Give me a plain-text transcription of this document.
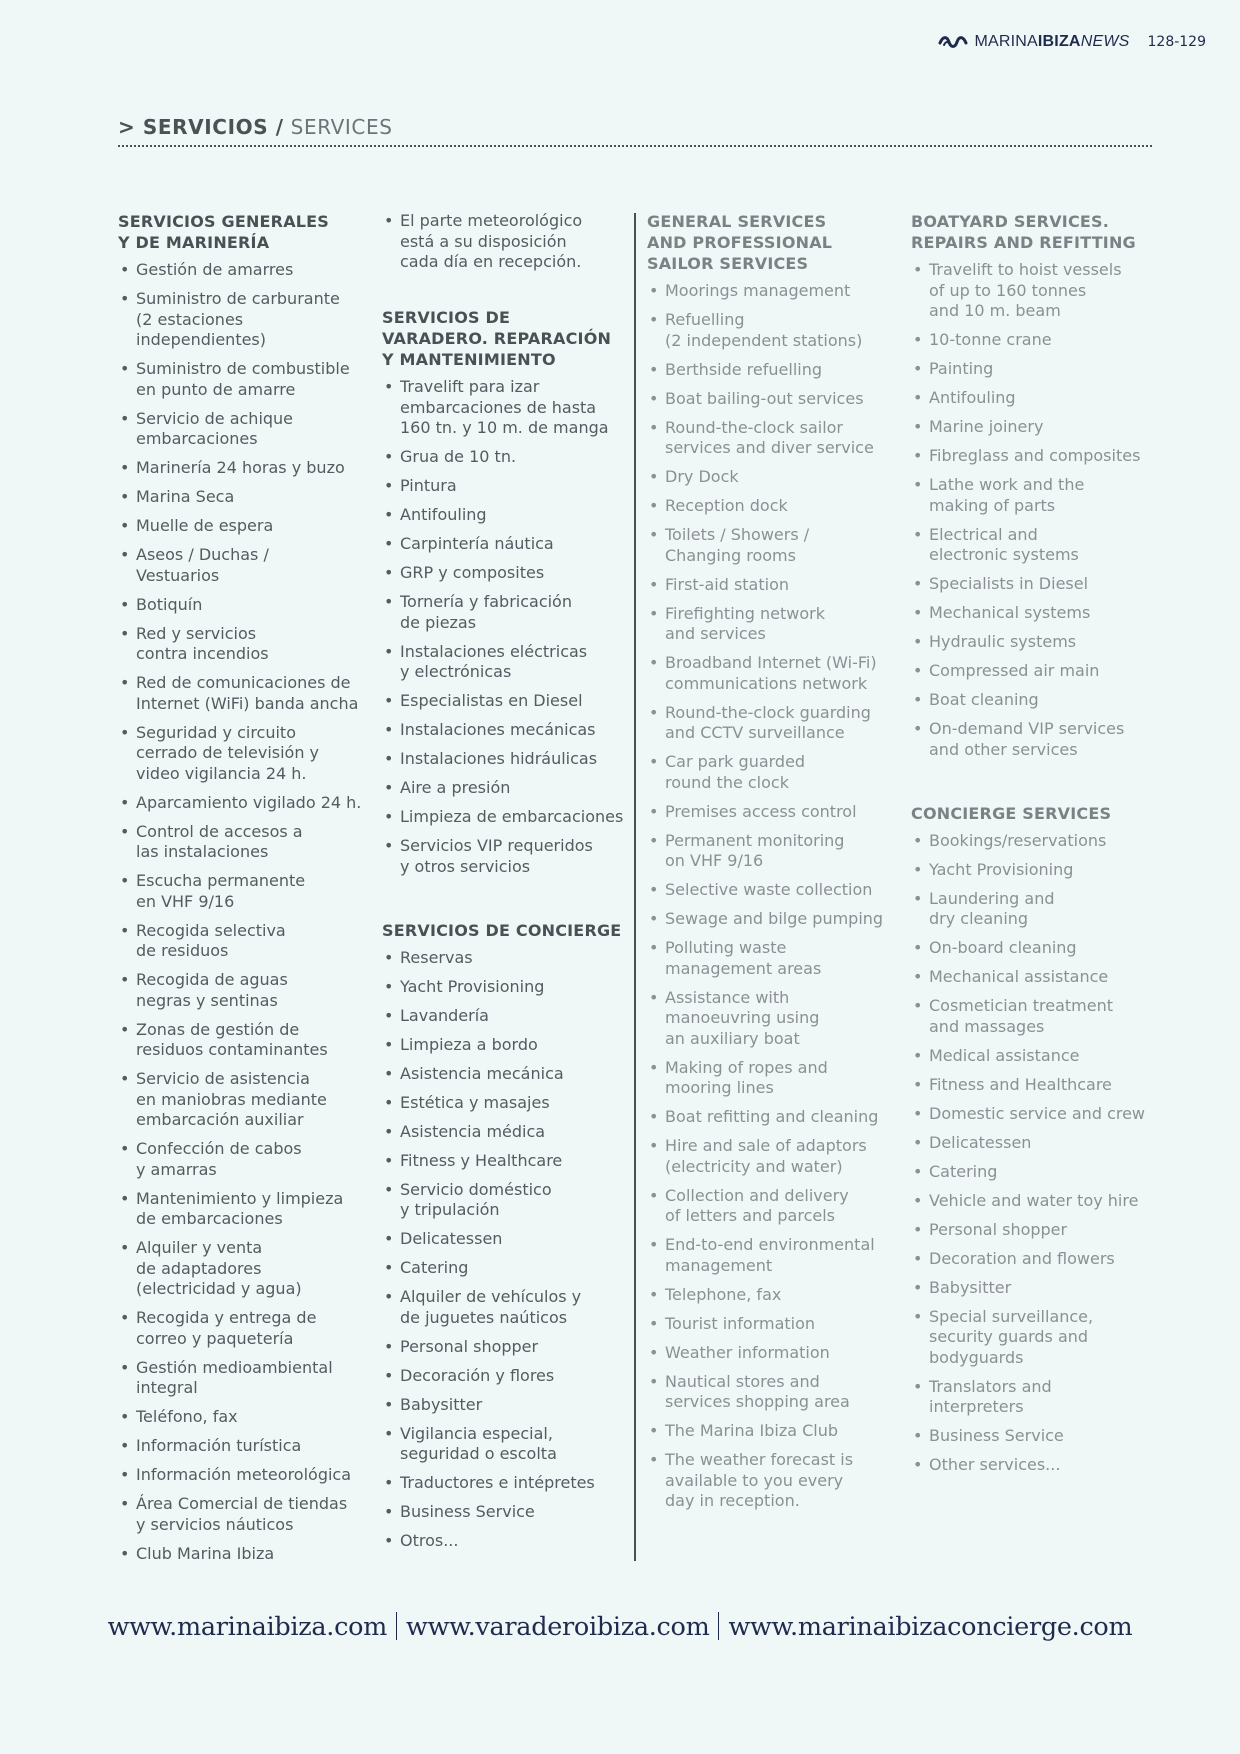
MARINAIBIZANEWS 128-129
> SERVICIOS / SERVICES
SERVICIOS GENERALES
Y DE MARINERÍA
• Gestión de amarres
• Suministro de carburante
(2 estaciones independientes)
• Suministro de combustible
en punto de amarre
• Servicio de achique
embarcaciones
• Marinería 24 horas y buzo
• Marina Seca
• Muelle de espera
• Aseos / Duchas /
Vestuarios
• Botiquín
• Red y servicios
contra incendios
• Red de comunicaciones de
Internet (WiFi) banda ancha
• Seguridad y circuito
cerrado de televisión y
video vigilancia 24 h.
• Aparcamiento vigilado 24 h.
• Control de accesos a
las instalaciones
• Escucha permanente
en VHF 9/16
• Recogida selectiva
de residuos
• Recogida de aguas
negras y sentinas
• Zonas de gestión de
residuos contaminantes
• Servicio de asistencia
en maniobras mediante
embarcación auxiliar
• Confección de cabos
y amarras
• Mantenimiento y limpieza
de embarcaciones
• Alquiler y venta
de adaptadores
(electricidad y agua)
• Recogida y entrega de
correo y paquetería
• Gestión medioambiental
integral
• Teléfono, fax
• Información turística
• Información meteorológica
• Área Comercial de tiendas
y servicios náuticos
• Club Marina Ibiza
• El parte meteorológico
está a su disposición
cada día en recepción.
SERVICIOS DE
VARADERO. REPARACIÓN
Y MANTENIMIENTO
• Travelift para izar
embarcaciones de hasta
160 tn. y 10 m. de manga
• Grua de 10 tn.
• Pintura
• Antifouling
• Carpintería náutica
• GRP y composites
• Tornería y fabricación
de piezas
• Instalaciones eléctricas
y electrónicas
• Especialistas en Diesel
• Instalaciones mecánicas
• Instalaciones hidráulicas
• Aire a presión
• Limpieza de embarcaciones
• Servicios VIP requeridos
y otros servicios
SERVICIOS DE CONCIERGE
• Reservas
• Yacht Provisioning
• Lavandería
• Limpieza a bordo
• Asistencia mecánica
• Estética y masajes
• Asistencia médica
• Fitness y Healthcare
• Servicio doméstico
y tripulación
• Delicatessen
• Catering
• Alquiler de vehículos y
de juguetes naúticos
• Personal shopper
• Decoración y flores
• Babysitter
• Vigilancia especial,
seguridad o escolta
• Traductores e intépretes
• Business Service
• Otros...
GENERAL SERVICES
AND PROFESSIONAL
SAILOR SERVICES
• Moorings management
• Refuelling
(2 independent stations)
• Berthside refuelling
• Boat bailing-out services
• Round-the-clock sailor
services and diver service
• Dry Dock
• Reception dock
• Toilets / Showers /
Changing rooms
• First-aid station
• Firefighting network
and services
• Broadband Internet (Wi-Fi)
communications network
• Round-the-clock guarding
and CCTV surveillance
• Car park guarded
round the clock
• Premises access control
• Permanent monitoring
on VHF 9/16
• Selective waste collection
• Sewage and bilge pumping
• Polluting waste
management areas
• Assistance with
manoeuvring using
an auxiliary boat
• Making of ropes and
mooring lines
• Boat refitting and cleaning
• Hire and sale of adaptors
(electricity and water)
• Collection and delivery
of letters and parcels
• End-to-end environmental
management
• Telephone, fax
• Tourist information
• Weather information
• Nautical stores and
services shopping area
• The Marina Ibiza Club
• The weather forecast is
available to you every
day in reception.
BOATYARD SERVICES.
REPAIRS AND REFITTING
• Travelift to hoist vessels
of up to 160 tonnes
and 10 m. beam
• 10-tonne crane
• Painting
• Antifouling
• Marine joinery
• Fibreglass and composites
• Lathe work and the
making of parts
• Electrical and
electronic systems
• Specialists in Diesel
• Mechanical systems
• Hydraulic systems
• Compressed air main
• Boat cleaning
• On-demand VIP services
and other services
CONCIERGE SERVICES
• Bookings/reservations
• Yacht Provisioning
• Laundering and
dry cleaning
• On-board cleaning
• Mechanical assistance
• Cosmetician treatment
and massages
• Medical assistance
• Fitness and Healthcare
• Domestic service and crew
• Delicatessen
• Catering
• Vehicle and water toy hire
• Personal shopper
• Decoration and flowers
• Babysitter
• Special surveillance,
security guards and
bodyguards
• Translators and
interpreters
• Business Service
• Other services...
www.marinaibiza.com www.varaderoibiza.com www.marinaibizaconcierge.com
